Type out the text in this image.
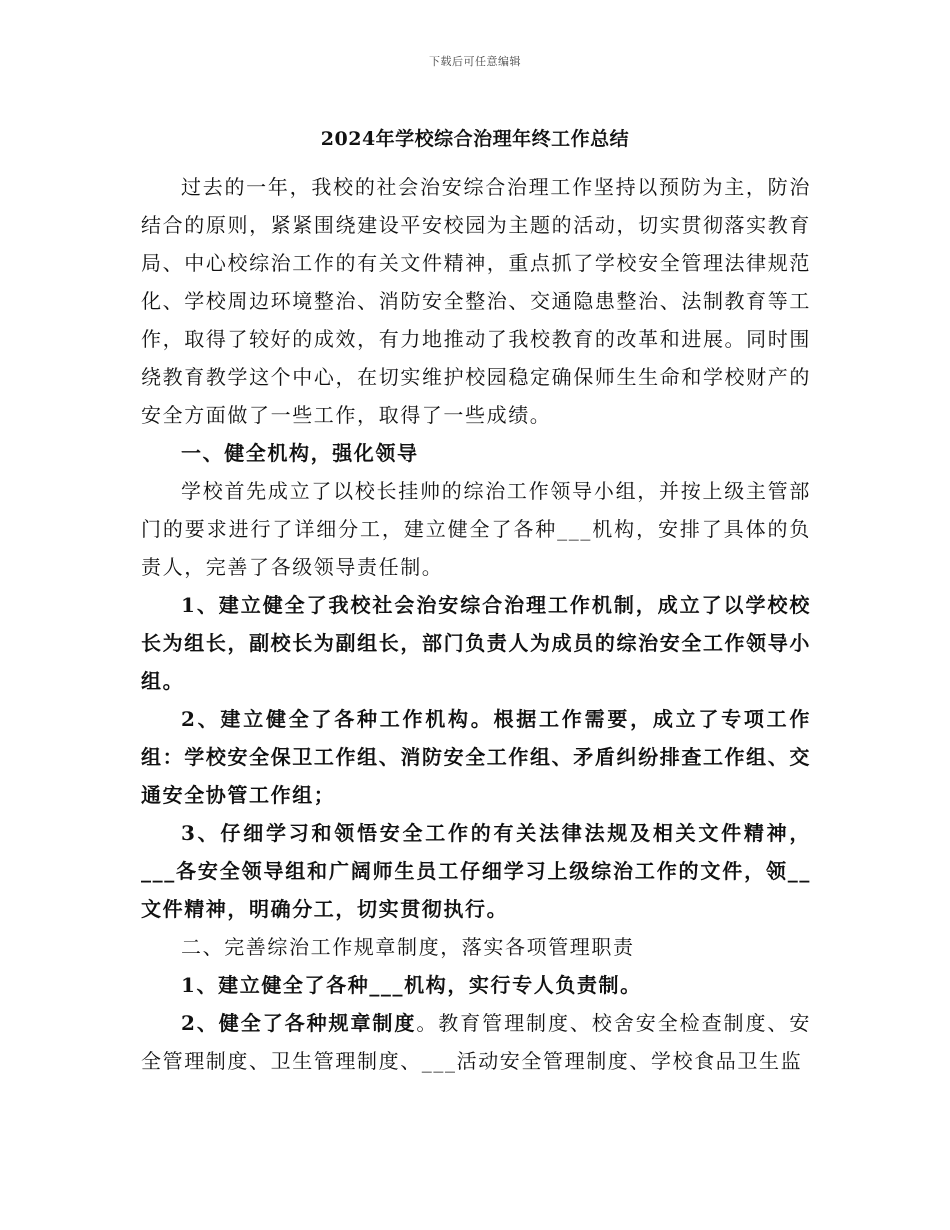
下载后可任意编辑
2024年学校综合治理年终工作总结

过去的一年，我校的社会治安综合治理工作坚持以预防为主，防治结合的原则，紧紧围绕建设平安校园为主题的活动，切实贯彻落实教育局、中心校综治工作的有关文件精神，重点抓了学校安全管理法律规范化、学校周边环境整治、消防安全整治、交通隐患整治、法制教育等工作，取得了较好的成效，有力地推动了我校教育的改革和进展。同时围绕教育教学这个中心，在切实维护校园稳定确保师生生命和学校财产的安全方面做了一些工作，取得了一些成绩。

一、健全机构，强化领导

学校首先成立了以校长挂帅的综治工作领导小组，并按上级主管部门的要求进行了详细分工，建立健全了各种___机构，安排了具体的负责人，完善了各级领导责任制。

1、建立健全了我校社会治安综合治理工作机制，成立了以学校校长为组长，副校长为副组长，部门负责人为成员的综治安全工作领导小组。

2、建立健全了各种工作机构。根据工作需要，成立了专项工作组：学校安全保卫工作组、消防安全工作组、矛盾纠纷排查工作组、交通安全协管工作组；

3、仔细学习和领悟安全工作的有关法律法规及相关文件精神，___各安全领导组和广阔师生员工仔细学习上级综治工作的文件，领__文件精神，明确分工，切实贯彻执行。

二、完善综治工作规章制度，落实各项管理职责

1、建立健全了各种___机构，实行专人负责制。

2、健全了各种规章制度。教育管理制度、校舍安全检查制度、安全管理制度、卫生管理制度、___活动安全管理制度、学校食品卫生监
